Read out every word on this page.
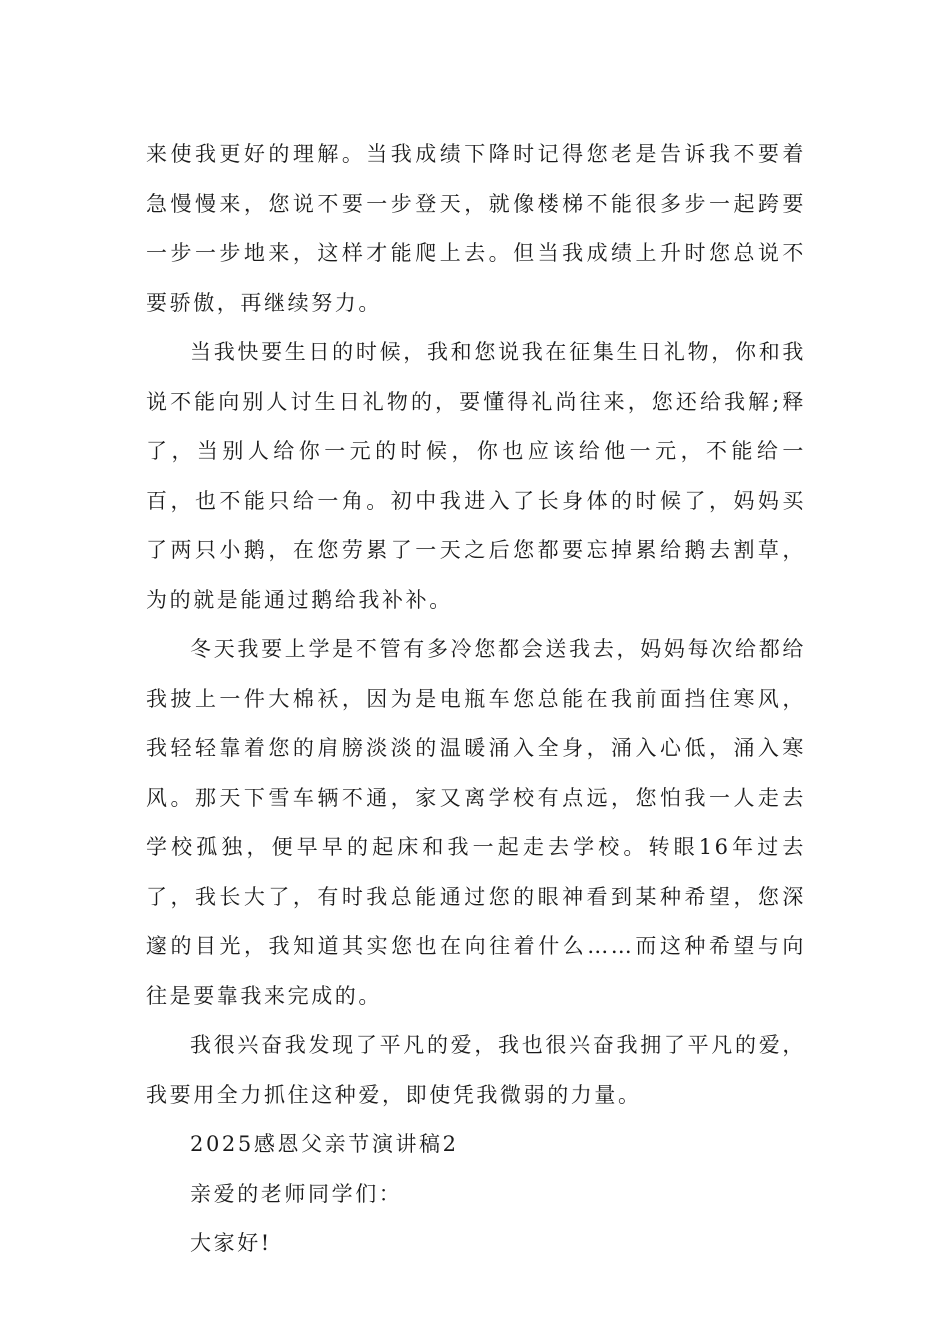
来使我更好的理解。当我成绩下降时记得您老是告诉我不要着急慢慢来，您说不要一步登天，就像楼梯不能很多步一起跨要一步一步地来，这样才能爬上去。但当我成绩上升时您总说不要骄傲，再继续努力。

当我快要生日的时候，我和您说我在征集生日礼物，你和我说不能向别人讨生日礼物的，要懂得礼尚往来，您还给我解;释了，当别人给你一元的时候，你也应该给他一元，不能给一百，也不能只给一角。初中我进入了长身体的时候了，妈妈买了两只小鹅，在您劳累了一天之后您都要忘掉累给鹅去割草，为的就是能通过鹅给我补补。

冬天我要上学是不管有多冷您都会送我去，妈妈每次给都给我披上一件大棉袄，因为是电瓶车您总能在我前面挡住寒风，我轻轻靠着您的肩膀淡淡的温暖涌入全身，涌入心低，涌入寒风。那天下雪车辆不通，家又离学校有点远，您怕我一人走去学校孤独，便早早的起床和我一起走去学校。转眼16年过去了，我长大了，有时我总能通过您的眼神看到某种希望，您深邃的目光，我知道其实您也在向往着什么……而这种希望与向往是要靠我来完成的。

我很兴奋我发现了平凡的爱，我也很兴奋我拥了平凡的爱，我要用全力抓住这种爱，即使凭我微弱的力量。

2025感恩父亲节演讲稿2

亲爱的老师同学们：

大家好!
